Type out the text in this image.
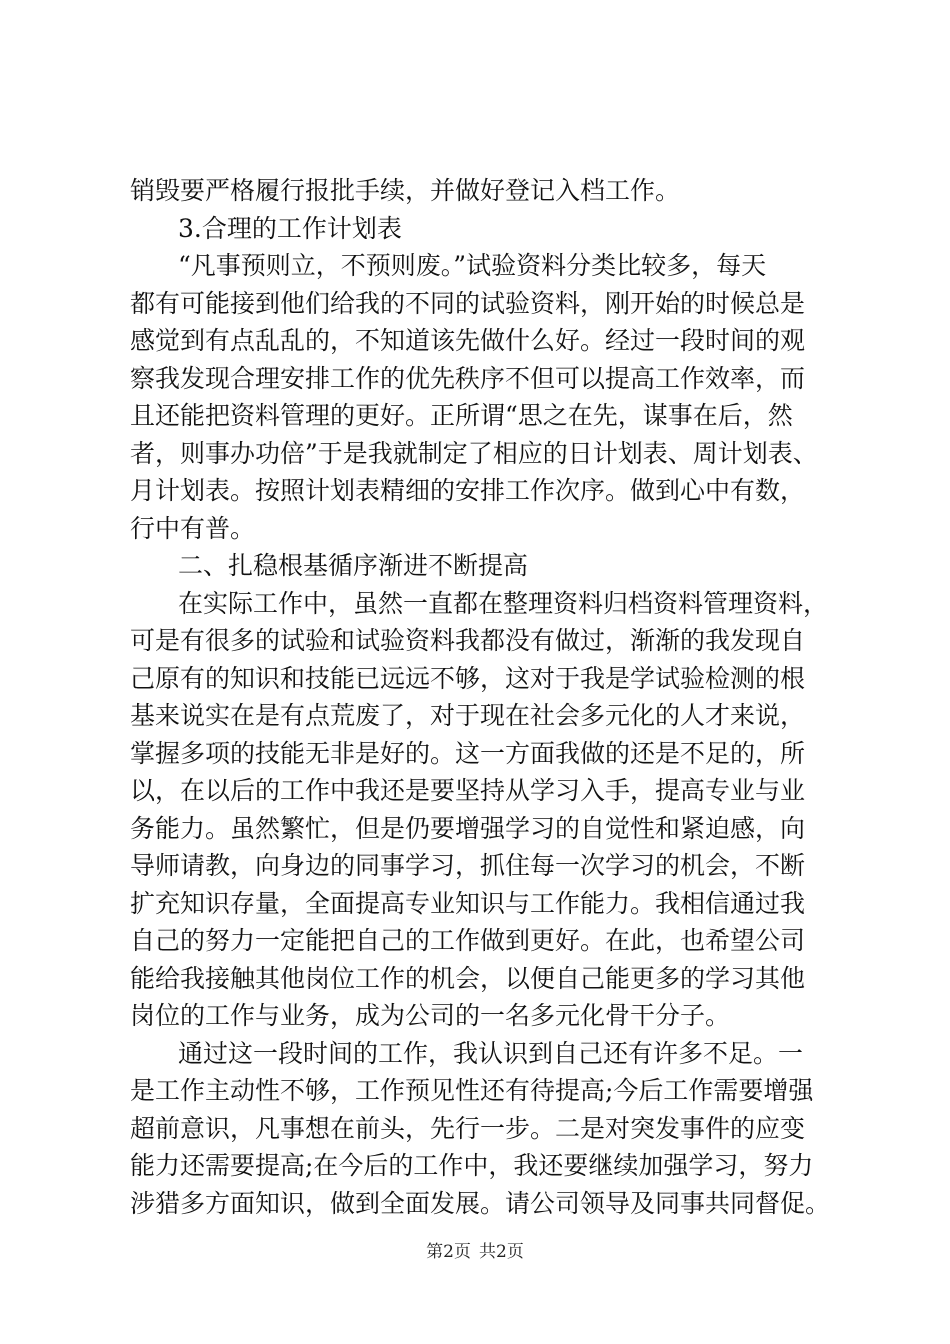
销毁要严格履行报批手续，并做好登记入档工作。
3.合理的工作计划表
“凡事预则立，不预则废。”试验资料分类比较多，每天
都有可能接到他们给我的不同的试验资料，刚开始的时候总是
感觉到有点乱乱的，不知道该先做什么好。经过一段时间的观
察我发现合理安排工作的优先秩序不但可以提高工作效率，而
且还能把资料管理的更好。正所谓“思之在先，谋事在后，然
者，则事办功倍”于是我就制定了相应的日计划表、周计划表、
月计划表。按照计划表精细的安排工作次序。做到心中有数，
行中有普。
二、扎稳根基循序渐进不断提高
在实际工作中，虽然一直都在整理资料归档资料管理资料，
可是有很多的试验和试验资料我都没有做过，渐渐的我发现自
己原有的知识和技能已远远不够，这对于我是学试验检测的根
基来说实在是有点荒废了，对于现在社会多元化的人才来说，
掌握多项的技能无非是好的。这一方面我做的还是不足的，所
以，在以后的工作中我还是要坚持从学习入手，提高专业与业
务能力。虽然繁忙，但是仍要增强学习的自觉性和紧迫感，向
导师请教，向身边的同事学习，抓住每一次学习的机会，不断
扩充知识存量，全面提高专业知识与工作能力。我相信通过我
自己的努力一定能把自己的工作做到更好。在此，也希望公司
能给我接触其他岗位工作的机会，以便自己能更多的学习其他
岗位的工作与业务，成为公司的一名多元化骨干分子。
通过这一段时间的工作，我认识到自己还有许多不足。一
是工作主动性不够，工作预见性还有待提高;今后工作需要增强
超前意识，凡事想在前头，先行一步。二是对突发事件的应变
能力还需要提高;在今后的工作中，我还要继续加强学习，努力
涉猎多方面知识，做到全面发展。请公司领导及同事共同督促。
第2页 共2页
